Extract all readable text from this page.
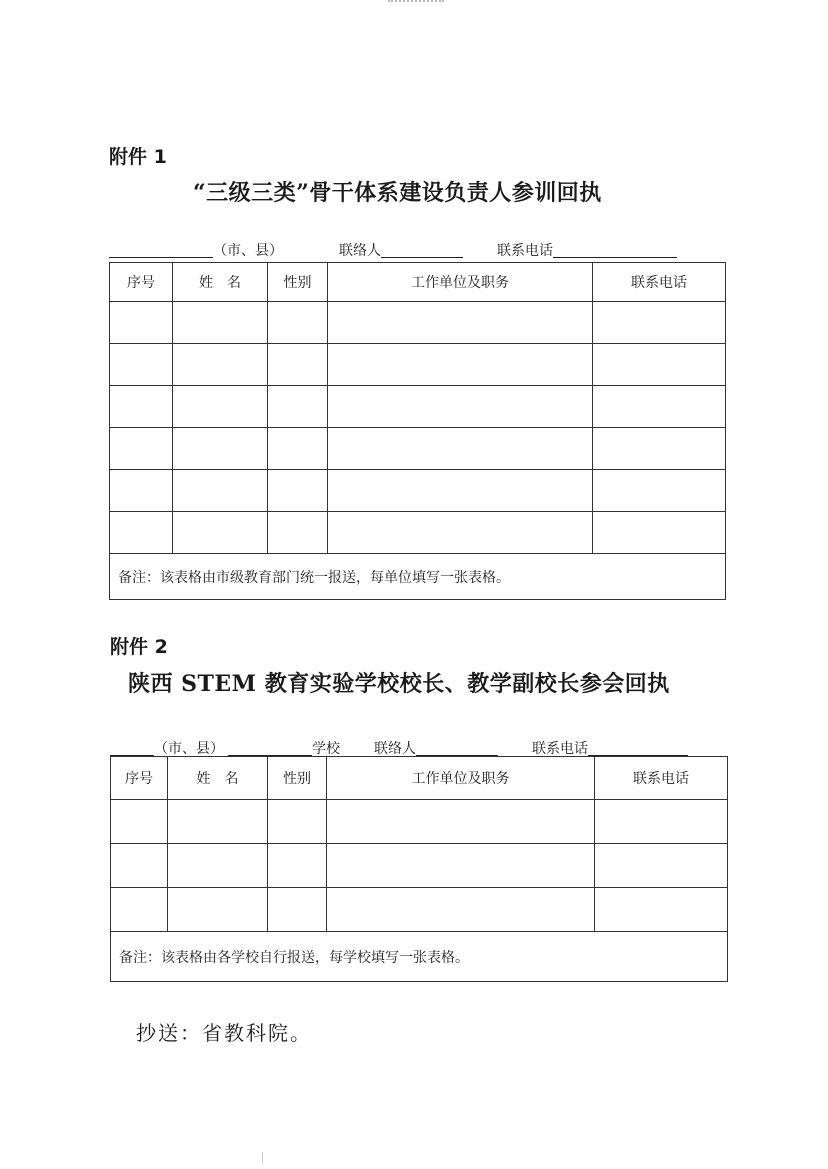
附件 1
“三级三类”骨干体系建设负责人参训回执
（市、县）	联络人	联系电话
序号	姓　名	性别	工作单位及职务	联系电话

备注：该表格由市级教育部门统一报送，每单位填写一张表格。				
附件 2
陕西 STEM 教育实验学校校长、教学副校长参会回执
（市、县）	学校 联络人	联系电话
序号	姓　名	性别	工作单位及职务	联系电话

备注：该表格由各学校自行报送，每学校填写一张表格。				
抄送：省教科院。
